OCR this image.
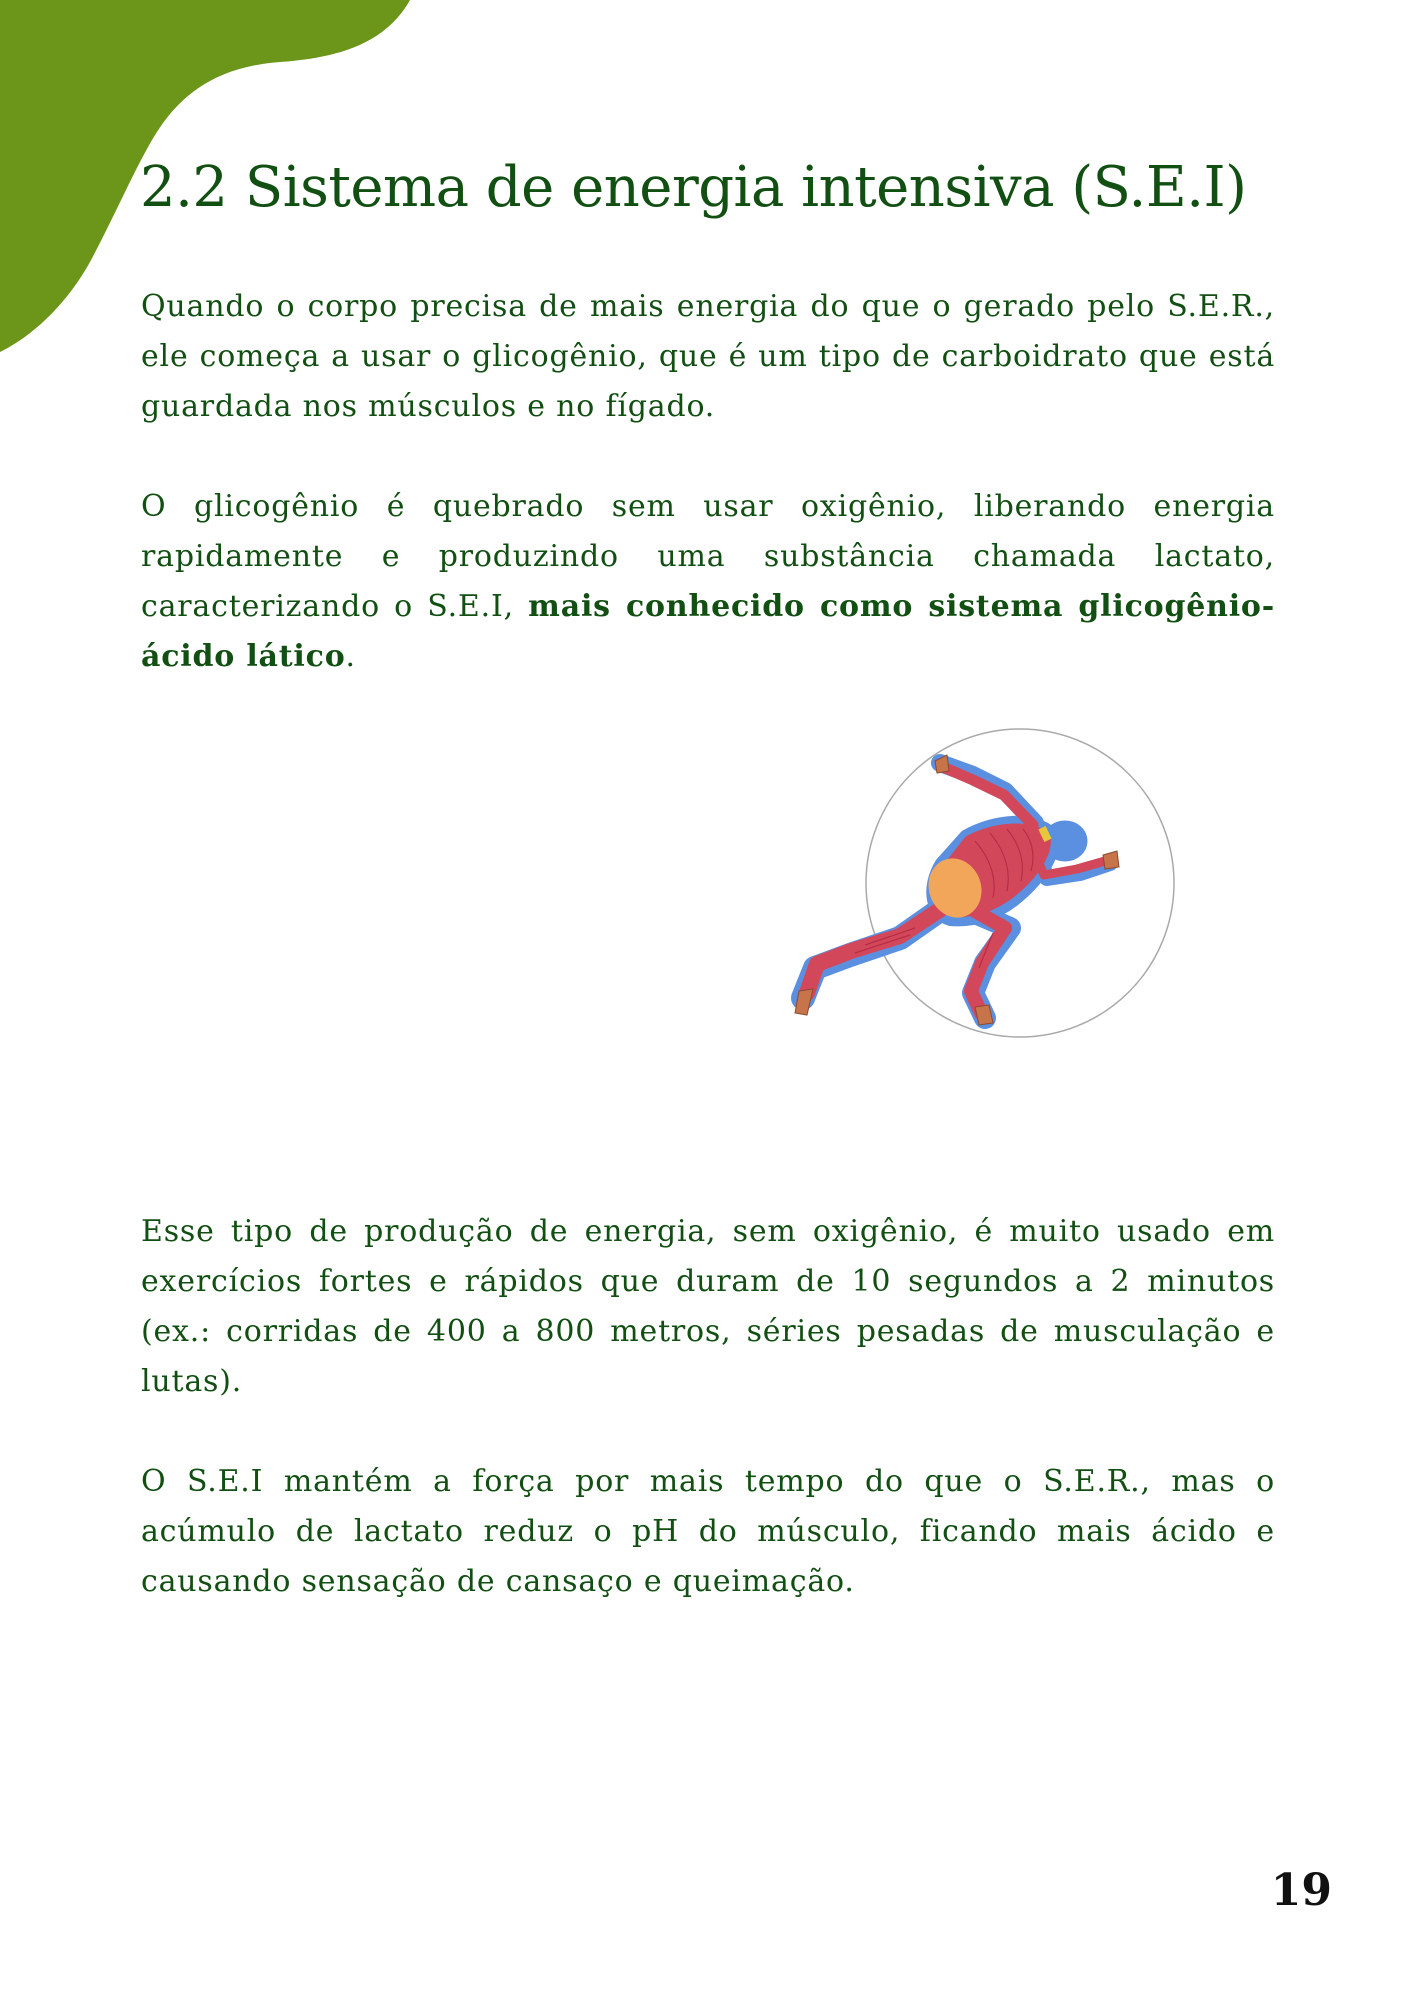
2.2 Sistema de energia intensiva (S.E.I)

Quando o corpo precisa de mais energia do que o gerado pelo S.E.R., ele começa a usar o glicogênio, que é um tipo de carboidrato que está guardada nos músculos e no fígado.

O glicogênio é quebrado sem usar oxigênio, liberando energia rapidamente e produzindo uma substância chamada lactato, caracterizando o S.E.I, mais conhecido como sistema glicogênio-ácido lático.

Esse tipo de produção de energia, sem oxigênio, é muito usado em exercícios fortes e rápidos que duram de 10 segundos a 2 minutos (ex.: corridas de 400 a 800 metros, séries pesadas de musculação e lutas).

O S.E.I mantém a força por mais tempo do que o S.E.R., mas o acúmulo de lactato reduz o pH do músculo, ficando mais ácido e causando sensação de cansaço e queimação.

19
